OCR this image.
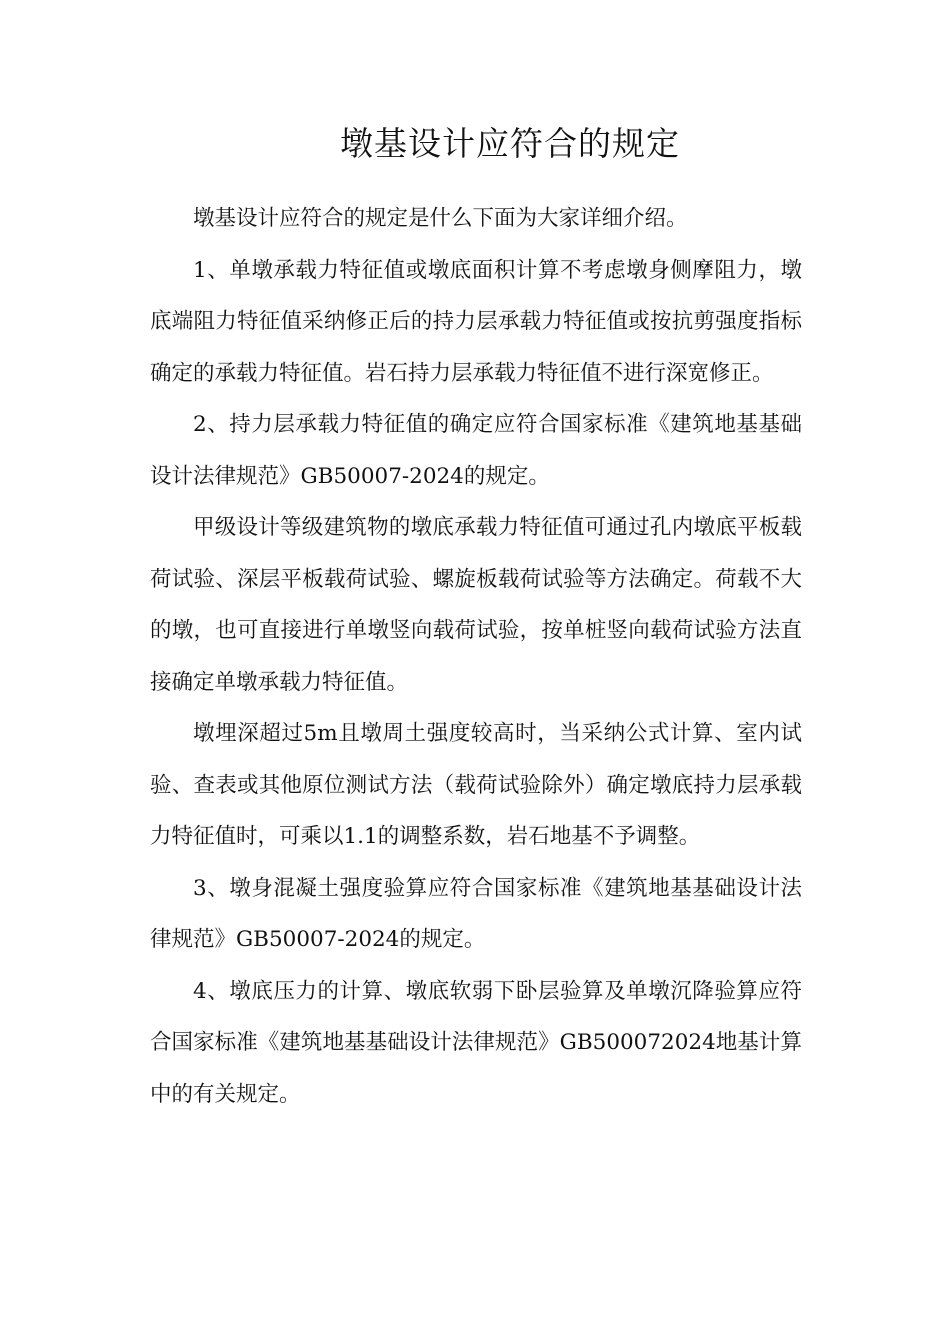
墩基设计应符合的规定

墩基设计应符合的规定是什么下面为大家详细介绍。

1、单墩承载力特征值或墩底面积计算不考虑墩身侧摩阻力，墩底端阻力特征值采纳修正后的持力层承载力特征值或按抗剪强度指标确定的承载力特征值。岩石持力层承载力特征值不进行深宽修正。

2、持力层承载力特征值的确定应符合国家标准《建筑地基基础设计法律规范》GB50007-2024的规定。

甲级设计等级建筑物的墩底承载力特征值可通过孔内墩底平板载荷试验、深层平板载荷试验、螺旋板载荷试验等方法确定。荷载不大的墩，也可直接进行单墩竖向载荷试验，按单桩竖向载荷试验方法直接确定单墩承载力特征值。

墩埋深超过5m且墩周土强度较高时，当采纳公式计算、室内试验、查表或其他原位测试方法（载荷试验除外）确定墩底持力层承载力特征值时，可乘以1.1的调整系数，岩石地基不予调整。

3、墩身混凝土强度验算应符合国家标准《建筑地基基础设计法律规范》GB50007-2024的规定。

4、墩底压力的计算、墩底软弱下卧层验算及单墩沉降验算应符合国家标准《建筑地基基础设计法律规范》GB500072024地基计算中的有关规定。
